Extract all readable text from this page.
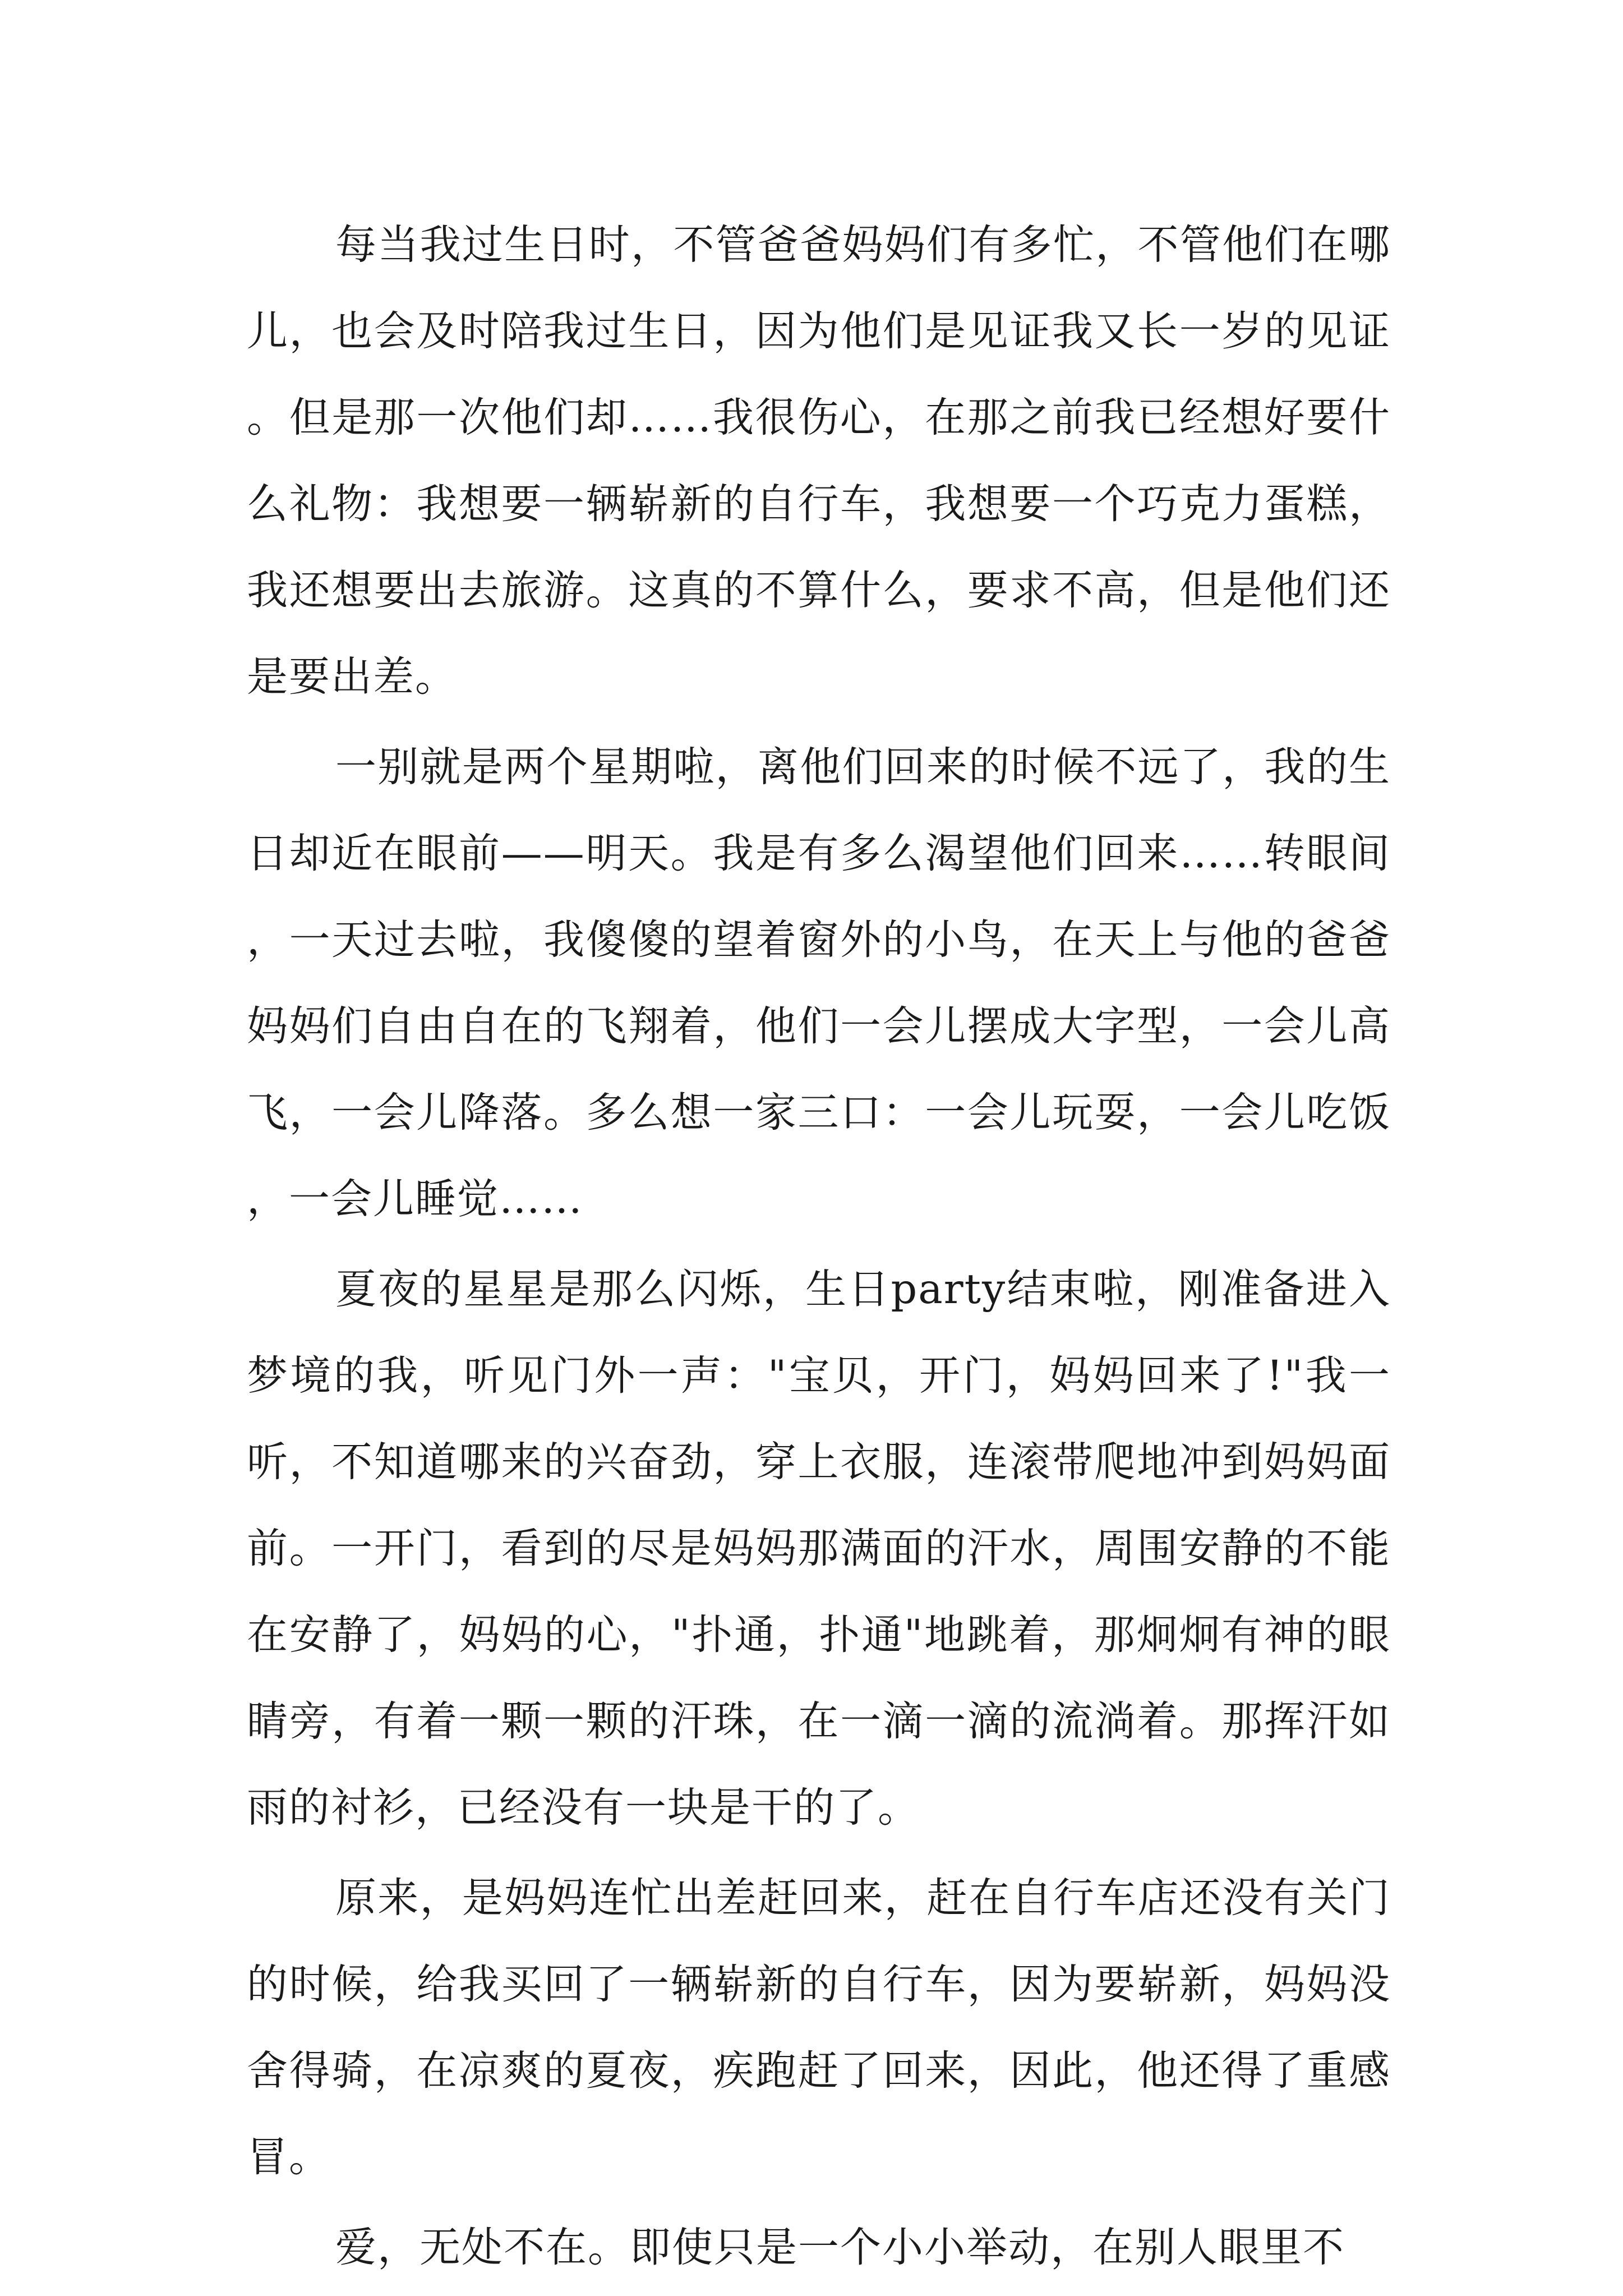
每当我过生日时，不管爸爸妈妈们有多忙，不管他们在哪儿，也会及时陪我过生日，因为他们是见证我又长一岁的见证。但是那一次他们却……我很伤心，在那之前我已经想好要什么礼物：我想要一辆崭新的自行车，我想要一个巧克力蛋糕，我还想要出去旅游。这真的不算什么，要求不高，但是他们还是要出差。

一别就是两个星期啦，离他们回来的时候不远了，我的生日却近在眼前——明天。我是有多么渴望他们回来……转眼间，一天过去啦，我傻傻的望着窗外的小鸟，在天上与他的爸爸妈妈们自由自在的飞翔着，他们一会儿摆成大字型，一会儿高飞，一会儿降落。多么想一家三口：一会儿玩耍，一会儿吃饭，一会儿睡觉……

夏夜的星星是那么闪烁，生日party结束啦，刚准备进入梦境的我，听见门外一声："宝贝，开门，妈妈回来了!"我一听，不知道哪来的兴奋劲，穿上衣服，连滚带爬地冲到妈妈面前。一开门，看到的尽是妈妈那满面的汗水，周围安静的不能在安静了，妈妈的心，"扑通，扑通"地跳着，那炯炯有神的眼睛旁，有着一颗一颗的汗珠，在一滴一滴的流淌着。那挥汗如雨的衬衫，已经没有一块是干的了。

原来，是妈妈连忙出差赶回来，赶在自行车店还没有关门的时候，给我买回了一辆崭新的自行车，因为要崭新，妈妈没舍得骑，在凉爽的夏夜，疾跑赶了回来，因此，他还得了重感冒。

爱，无处不在。即使只是一个小小举动，在别人眼里不
